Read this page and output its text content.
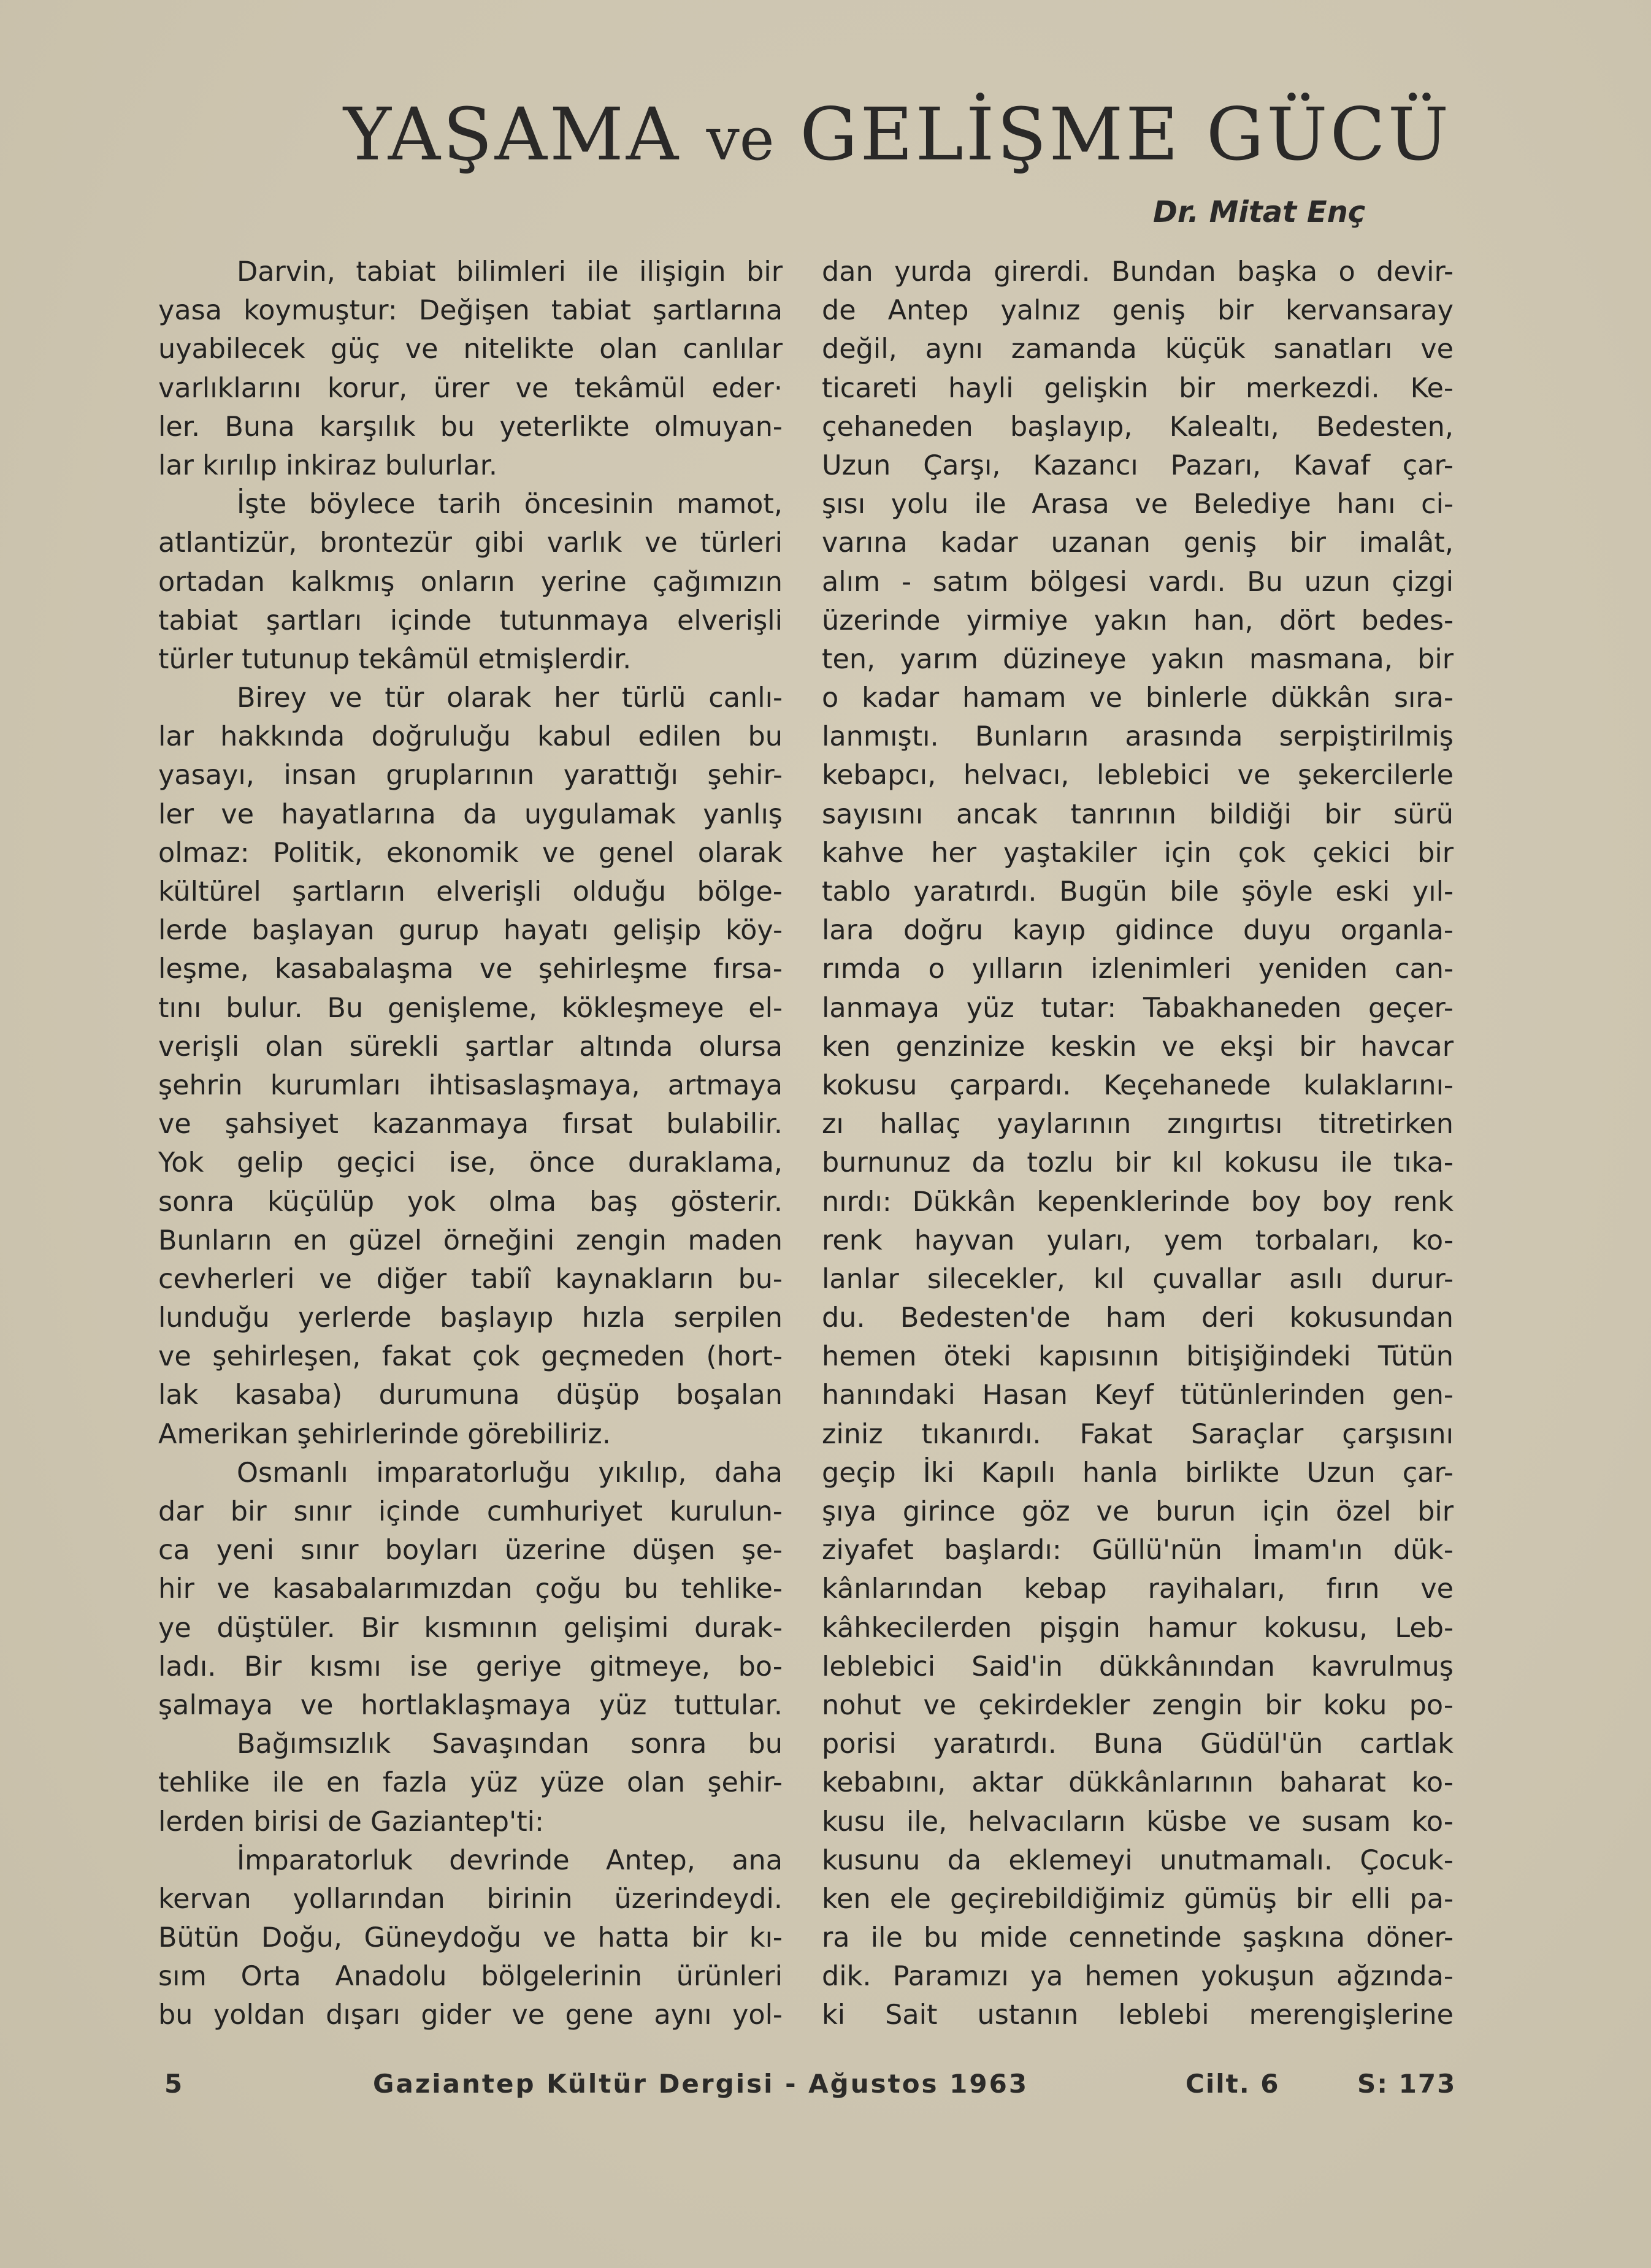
YAŞAMA ve GELİŞME GÜCÜ
Dr. Mitat Enç
Darvin, tabiat bilimleri ile ilişigin bir
yasa koymuştur: Değişen tabiat şartlarına
uyabilecek güç ve nitelikte olan canlılar
varlıklarını korur, ürer ve tekâmül eder·
ler. Buna karşılık bu yeterlikte olmuyan-
lar kırılıp inkiraz bulurlar.
İşte böylece tarih öncesinin mamot,
atlantizür, brontezür gibi varlık ve türleri
ortadan kalkmış onların yerine çağımızın
tabiat şartları içinde tutunmaya elverişli
türler tutunup tekâmül etmişlerdir.
Birey ve tür olarak her türlü canlı-
lar hakkında doğruluğu kabul edilen bu
yasayı, insan gruplarının yarattığı şehir-
ler ve hayatlarına da uygulamak yanlış
olmaz: Politik, ekonomik ve genel olarak
kültürel şartların elverişli olduğu bölge-
lerde başlayan gurup hayatı gelişip köy-
leşme, kasabalaşma ve şehirleşme fırsa-
tını bulur. Bu genişleme, kökleşmeye el-
verişli olan sürekli şartlar altında olursa
şehrin kurumları ihtisaslaşmaya, artmaya
ve şahsiyet kazanmaya fırsat bulabilir.
Yok gelip geçici ise, önce duraklama,
sonra küçülüp yok olma baş gösterir.
Bunların en güzel örneğini zengin maden
cevherleri ve diğer tabiî kaynakların bu-
lunduğu yerlerde başlayıp hızla serpilen
ve şehirleşen, fakat çok geçmeden (hort-
lak kasaba) durumuna düşüp boşalan
Amerikan şehirlerinde görebiliriz.
Osmanlı imparatorluğu yıkılıp, daha
dar bir sınır içinde cumhuriyet kurulun-
ca yeni sınır boyları üzerine düşen şe-
hir ve kasabalarımızdan çoğu bu tehlike-
ye düştüler. Bir kısmının gelişimi durak-
ladı. Bir kısmı ise geriye gitmeye, bo-
şalmaya ve hortlaklaşmaya yüz tuttular.
Bağımsızlık Savaşından sonra bu
tehlike ile en fazla yüz yüze olan şehir-
lerden birisi de Gaziantep'ti:
İmparatorluk devrinde Antep, ana
kervan yollarından birinin üzerindeydi.
Bütün Doğu, Güneydoğu ve hatta bir kı-
sım Orta Anadolu bölgelerinin ürünleri
bu yoldan dışarı gider ve gene aynı yol-
dan yurda girerdi. Bundan başka o devir-
de Antep yalnız geniş bir kervansaray
değil, aynı zamanda küçük sanatları ve
ticareti hayli gelişkin bir merkezdi. Ke-
çehaneden başlayıp, Kalealtı, Bedesten,
Uzun Çarşı, Kazancı Pazarı, Kavaf çar-
şısı yolu ile Arasa ve Belediye hanı ci-
varına kadar uzanan geniş bir imalât,
alım - satım bölgesi vardı. Bu uzun çizgi
üzerinde yirmiye yakın han, dört bedes-
ten, yarım düzineye yakın masmana, bir
o kadar hamam ve binlerle dükkân sıra-
lanmıştı. Bunların arasında serpiştirilmiş
kebapcı, helvacı, leblebici ve şekercilerle
sayısını ancak tanrının bildiği bir sürü
kahve her yaştakiler için çok çekici bir
tablo yaratırdı. Bugün bile şöyle eski yıl-
lara doğru kayıp gidince duyu organla-
rımda o yılların izlenimleri yeniden can-
lanmaya yüz tutar: Tabakhaneden geçer-
ken genzinize keskin ve ekşi bir havcar
kokusu çarpardı. Keçehanede kulaklarını-
zı hallaç yaylarının zıngırtısı titretirken
burnunuz da tozlu bir kıl kokusu ile tıka-
nırdı: Dükkân kepenklerinde boy boy renk
renk hayvan yuları, yem torbaları, ko-
lanlar silecekler, kıl çuvallar asılı durur-
du. Bedesten'de ham deri kokusundan
hemen öteki kapısının bitişiğindeki Tütün
hanındaki Hasan Keyf tütünlerinden gen-
ziniz tıkanırdı. Fakat Saraçlar çarşısını
geçip İki Kapılı hanla birlikte Uzun çar-
şıya girince göz ve burun için özel bir
ziyafet başlardı: Güllü'nün İmam'ın dük-
kânlarından kebap rayihaları, fırın ve
kâhkecilerden pişgin hamur kokusu, Leb-
leblebici Said'in dükkânından kavrulmuş
nohut ve çekirdekler zengin bir koku po-
porisi yaratırdı. Buna Güdül'ün cartlak
kebabını, aktar dükkânlarının baharat ko-
kusu ile, helvacıların küsbe ve susam ko-
kusunu da eklemeyi unutmamalı. Çocuk-
ken ele geçirebildiğimiz gümüş bir elli pa-
ra ile bu mide cennetinde şaşkına döner-
dik. Paramızı ya hemen yokuşun ağzında-
ki Sait ustanın leblebi merengişlerine
5	Gaziantep Kültür Dergisi - Ağustos 1963	Cilt. 6	S: 173
